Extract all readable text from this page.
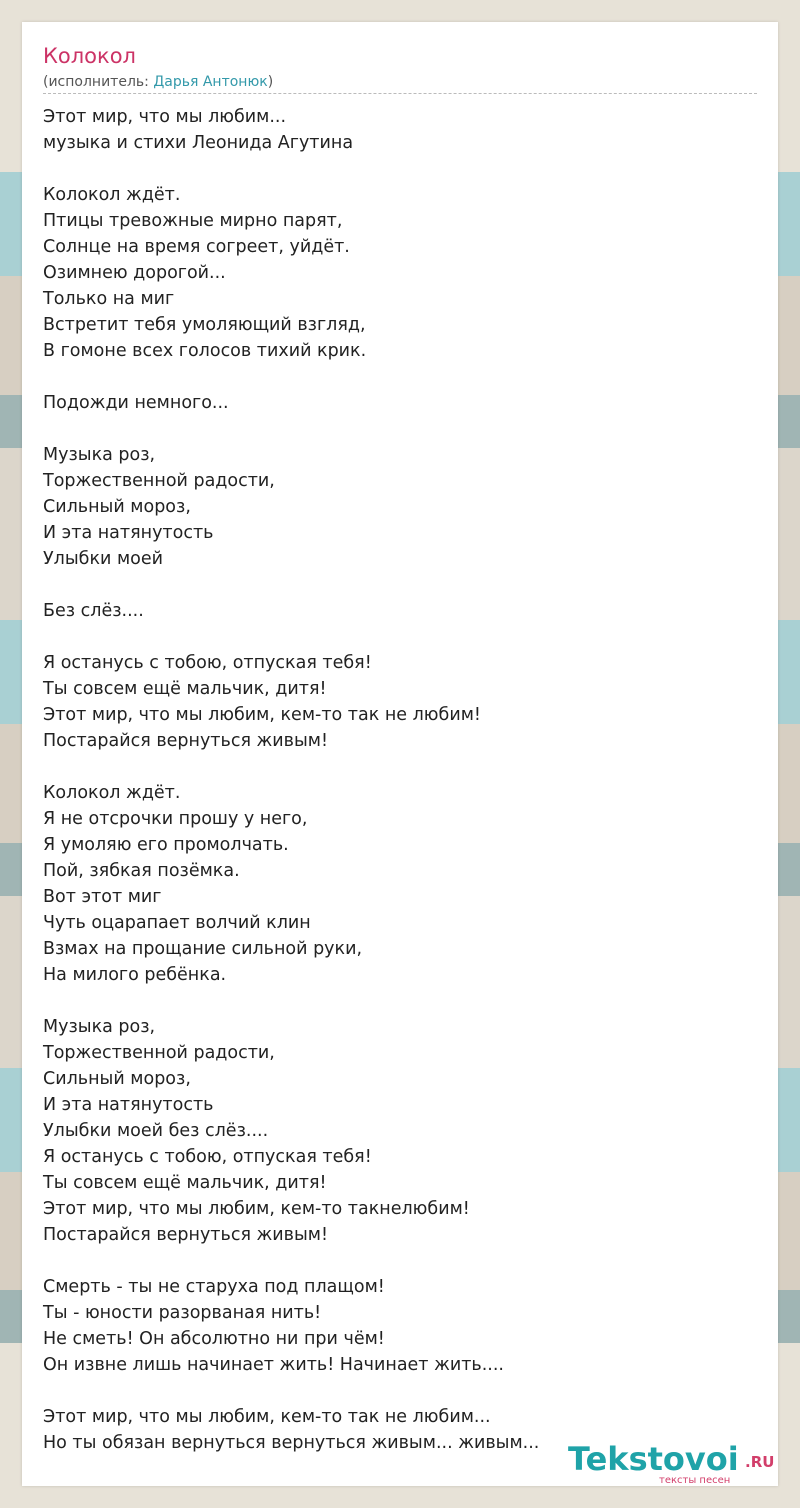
Колокол
(исполнитель: Дарья Антонюк)
Этот мир, что мы любим...
музыка и стихи Леонида Агутина
Колокол ждёт.
Птицы тревожные мирно парят,
Солнце на время согреет, уйдёт.
Озимнею дорогой...
Только на миг
Встретит тебя умоляющий взгляд,
В гомоне всех голосов тихий крик.
Подожди немного...
Музыка роз,
Торжественной радости,
Сильный мороз,
И эта натянутость
Улыбки моей
Без слёз....
Я останусь с тобою, отпуская тебя!
Ты совсем ещё мальчик, дитя!
Этот мир, что мы любим, кем-то так не любим!
Постарайся вернуться живым!
Колокол ждёт.
Я не отсрочки прошу у него,
Я умоляю его промолчать.
Пой, зябкая позёмка.
Вот этот миг
Чуть оцарапает волчий клин
Взмах на прощание сильной руки,
На милого ребёнка.
Музыка роз,
Торжественной радости,
Сильный мороз,
И эта натянутость
Улыбки моей без слёз....
Я останусь с тобою, отпуская тебя!
Ты совсем ещё мальчик, дитя!
Этот мир, что мы любим, кем-то такнелюбим!
Постарайся вернуться живым!
Смерть - ты не старуха под плащом!
Ты - юности разорваная нить!
Не сметь! Он абсолютно ни при чём!
Он извне лишь начинает жить! Начинает жить....
Этот мир, что мы любим, кем-то так не любим...
Но ты обязан вернуться вернуться живым... живым... Tekstovoi .RU
тексты песен
